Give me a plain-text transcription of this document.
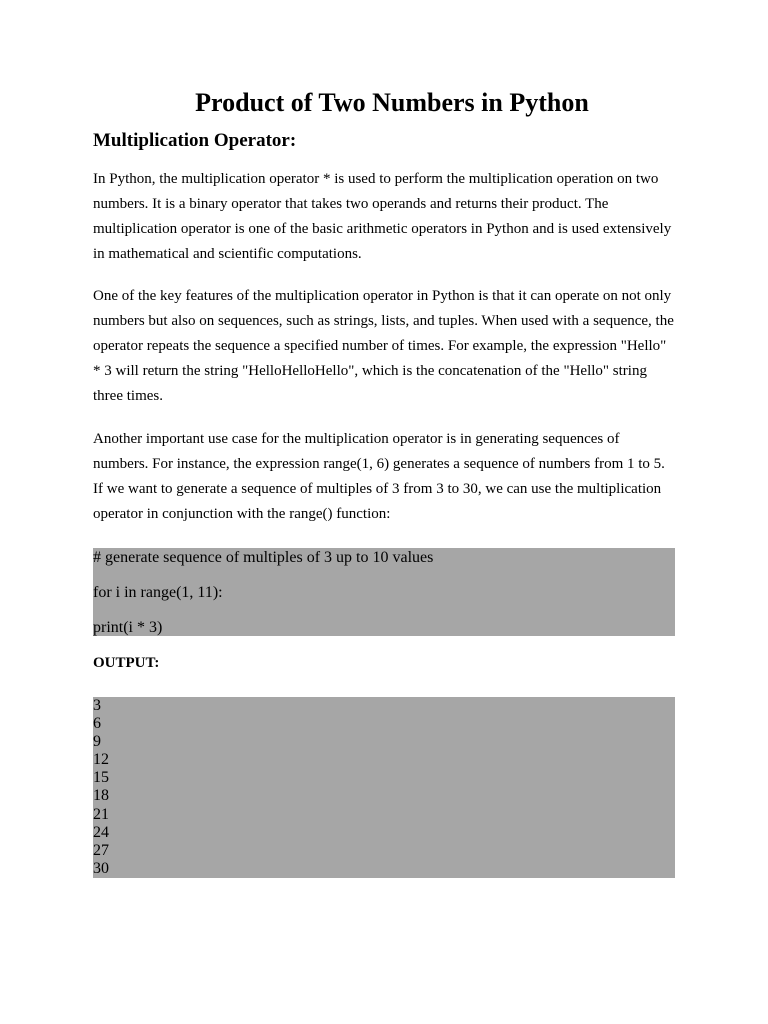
Product of Two Numbers in Python
Multiplication Operator:

In Python, the multiplication operator * is used to perform the multiplication operation on two numbers. It is a binary operator that takes two operands and returns their product. The multiplication operator is one of the basic arithmetic operators in Python and is used extensively in mathematical and scientific computations.

One of the key features of the multiplication operator in Python is that it can operate on not only numbers but also on sequences, such as strings, lists, and tuples. When used with a sequence, the operator repeats the sequence a specified number of times. For example, the expression "Hello" * 3 will return the string "HelloHelloHello", which is the concatenation of the "Hello" string three times.

Another important use case for the multiplication operator is in generating sequences of numbers. For instance, the expression range(1, 6) generates a sequence of numbers from 1 to 5. If we want to generate a sequence of multiples of 3 from 3 to 30, we can use the multiplication operator in conjunction with the range() function:

# generate sequence of multiples of 3 up to 10 values
for i in range(1, 11):
print(i * 3)

OUTPUT:

3
6
9
12
15
18
21
24
27
30
